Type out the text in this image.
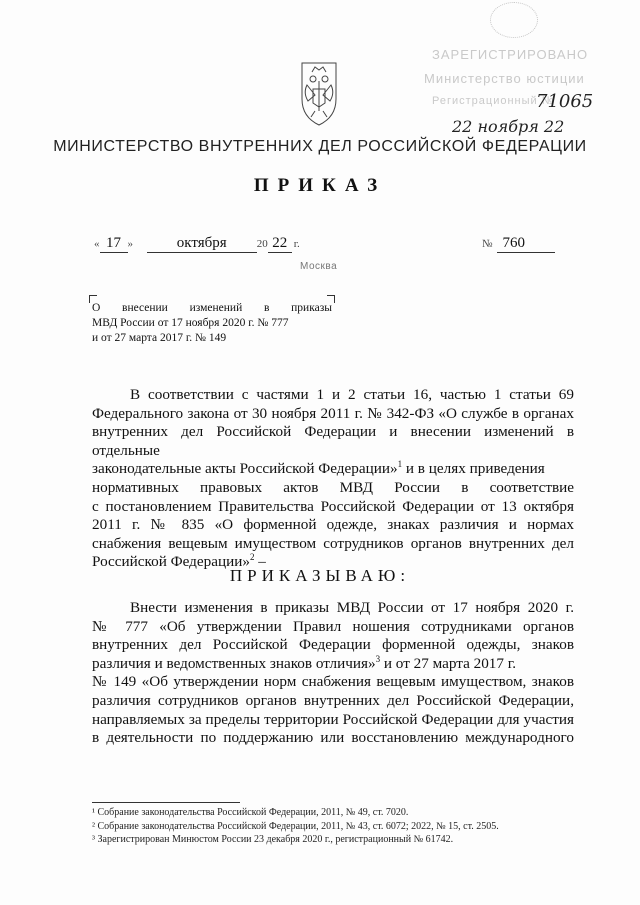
ЗАРЕГИСТРИРОВАНО
Министерство юстиции
Регистрационный №
71065
22 ноября 22
МИНИСТЕРСТВО ВНУТРЕННИХ ДЕЛ РОССИЙСКОЙ ФЕДЕРАЦИИ
ПРИКАЗ
« 17 »	октября	20 22 г.	№ 760
Москва
О внесении изменений в приказы
МВД России от 17 ноября 2020 г. № 777
и от 27 марта 2017 г. № 149
В соответствии с частями 1 и 2 статьи 16, частью 1 статьи 69
Федерального закона от 30 ноября 2011 г. № 342-ФЗ «О службе в органах
внутренних дел Российской Федерации и внесении изменений в отдельные
законодательные акты Российской Федерации»$^1$ и в целях приведения
нормативных правовых актов МВД России в соответствие
с постановлением Правительства Российской Федерации от 13 октября
2011 г. № 835 «О форменной одежде, знаках различия и нормах
снабжения вещевым имуществом сотрудников органов внутренних дел
Российской Федерации»$^2$ –
ПРИКАЗЫВАЮ:
Внести изменения в приказы МВД России от 17 ноября 2020 г.
№ 777 «Об утверждении Правил ношения сотрудниками органов
внутренних дел Российской Федерации форменной одежды, знаков
различия и ведомственных знаков отличия»$^3$ и от 27 марта 2017 г.
№ 149 «Об утверждении норм снабжения вещевым имуществом, знаков
различия сотрудников органов внутренних дел Российской Федерации,
направляемых за пределы территории Российской Федерации для участия
в деятельности по поддержанию или восстановлению международного
¹ Собрание законодательства Российской Федерации, 2011, № 49, ст. 7020.
² Собрание законодательства Российской Федерации, 2011, № 43, ст. 6072; 2022, № 15, ст. 2505.
³ Зарегистрирован Минюстом России 23 декабря 2020 г., регистрационный № 61742.
